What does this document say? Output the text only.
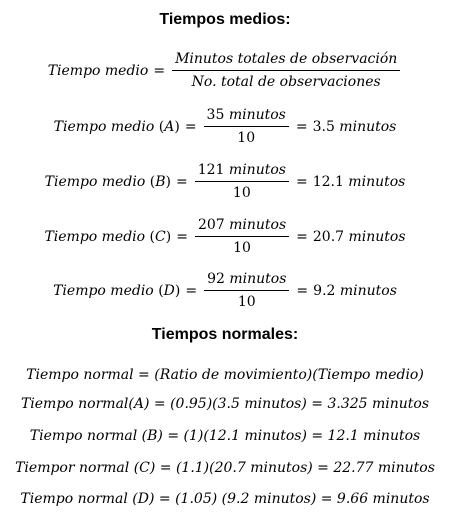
Tiempos medios:
Tiempo medio = $\frac{\text{Minutos totales de observación}}{\text{No. total de observaciones}}$
Tiempo medio $(A) = \frac{\text{35 minutos}}{10} = 3.5$ minutos
Tiempo medio $(B) = \frac{\text{121 minutos}}{10} = 12.1$ minutos
Tiempo medio $(C) = \frac{\text{207 minutos}}{10} = 20.7$ minutos
Tiempo medio $(D) = \frac{\text{92 minutos}}{10} = 9.2$ minutos
Tiempos normales:
Tiempo normal = (Ratio de movimiento)(Tiempo medio)
Tiempo normal(A) = (0.95)(3.5 minutos) = 3.325 minutos
Tiempo normal (B) = (1)(12.1 minutos) = 12.1 minutos
Tiempor normal (C) = (1.1)(20.7 minutos) = 22.77 minutos
Tiempo normal (D) = (1.05) (9.2 minutos) = 9.66 minutos
